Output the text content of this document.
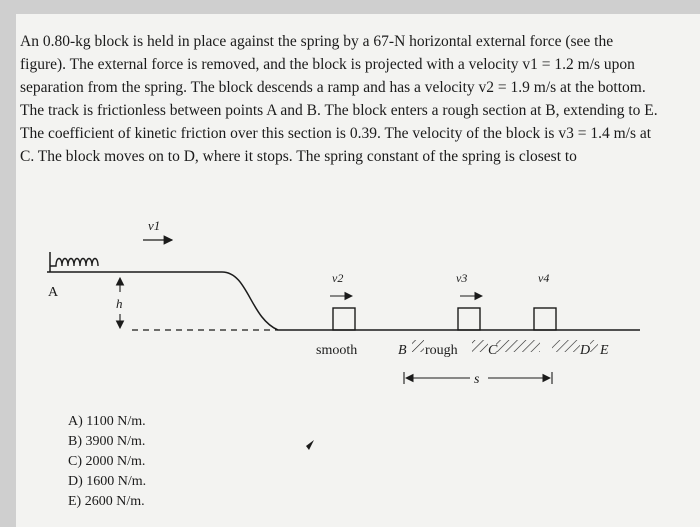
An 0.80-kg block is held in place against the spring by a 67-N horizontal external force (see the figure). The external force is removed, and the block is projected with a velocity v1 = 1.2 m/s upon separation from the spring. The block descends a ramp and has a velocity v2 = 1.9 m/s at the bottom. The track is frictionless between points A and B. The block enters a rough section at B, extending to E. The coefficient of kinetic friction over this section is 0.39. The velocity of the block is v3 = 1.4 m/s at C. The block moves on to D, where it stops. The spring constant of the spring is closest to

v1
A
h
v2	v3	v4
smooth	B rough C	D E
s
A) 1100 N/m.
B) 3900 N/m.
C) 2000 N/m.
D) 1600 N/m.
E) 2600 N/m.
